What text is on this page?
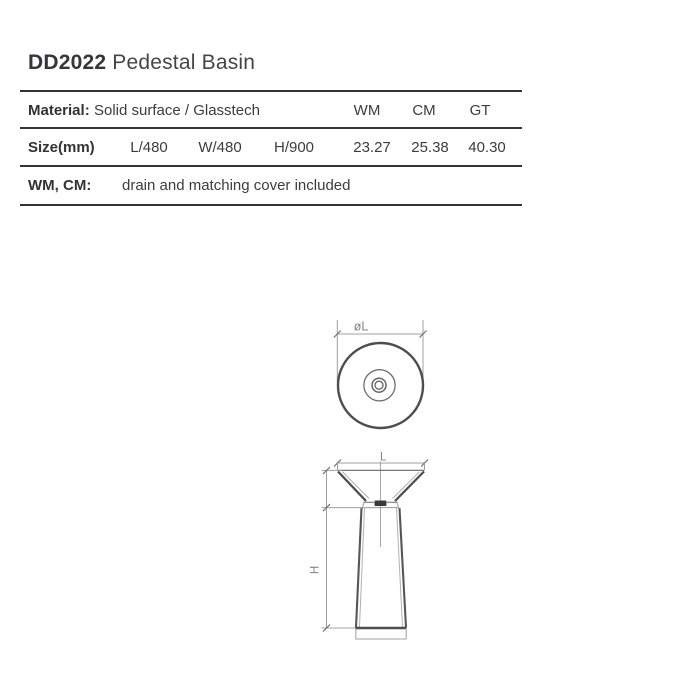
DD2022 Pedestal Basin
Material: Solid surface / Glasstech	WM CM GT
Size(mm) L/480 W/480 H/900	23.27 25.38 40.30
WM, CM: drain and matching cover included
øL
L
H
